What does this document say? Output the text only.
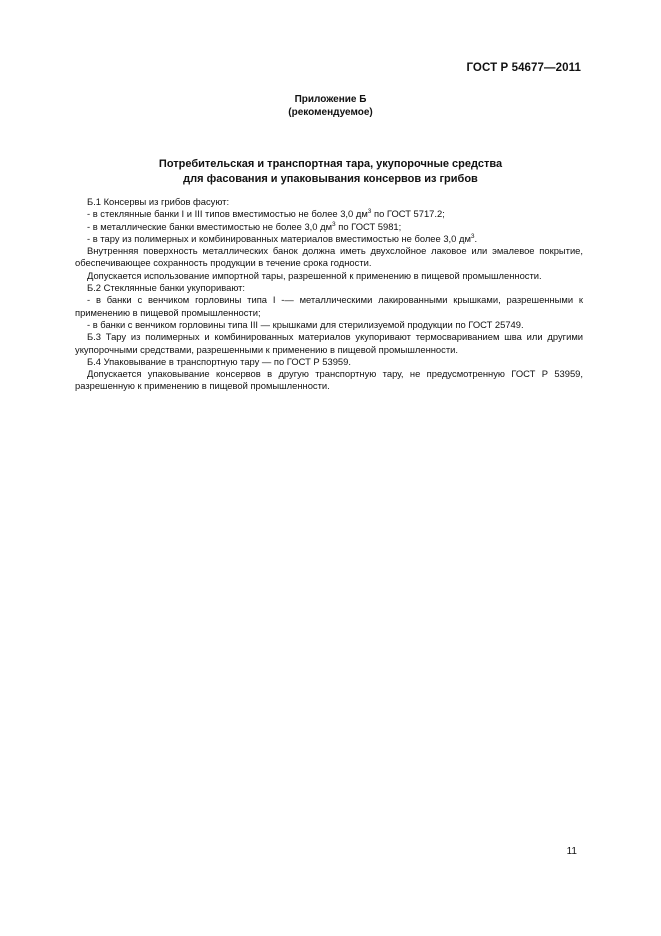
ГОСТ Р 54677—2011
Приложение Б
(рекомендуемое)
Потребительская и транспортная тара, укупорочные средства
для фасования и упаковывания консервов из грибов

Б.1 Консервы из грибов фасуют:

- в стеклянные банки I и III типов вместимостью не более 3,0 $дм^3$ по ГОСТ 5717.2;

- в металлические банки вместимостью не более 3,0 $дм^3$ по ГОСТ 5981;

- в тару из полимерных и комбинированных материалов вместимостью не более 3,0 $дм^3$.

Внутренняя поверхность металлических банок должна иметь двухслойное лаковое или эмалевое покрытие, обеспечивающее сохранность продукции в течение срока годности.

Допускается использование импортной тары, разрешенной к применению в пищевой промышленности.

Б.2 Стеклянные банки укупоривают:

- в банки с венчиком горловины типа I -— металлическими лакированными крышками, разрешенными к применению в пищевой промышленности;

- в банки с венчиком горловины типа III — крышками для стерилизуемой продукции по ГОСТ 25749.

Б.3 Тару из полимерных и комбинированных материалов укупоривают термосвариванием шва или другими укупорочными средствами, разрешенными к применению в пищевой промышленности.

Б.4 Упаковывание в транспортную тару — по ГОСТ Р 53959.

Допускается упаковывание консервов в другую транспортную тару, не предусмотренную ГОСТ Р 53959, разрешенную к применению в пищевой промышленности.

11
